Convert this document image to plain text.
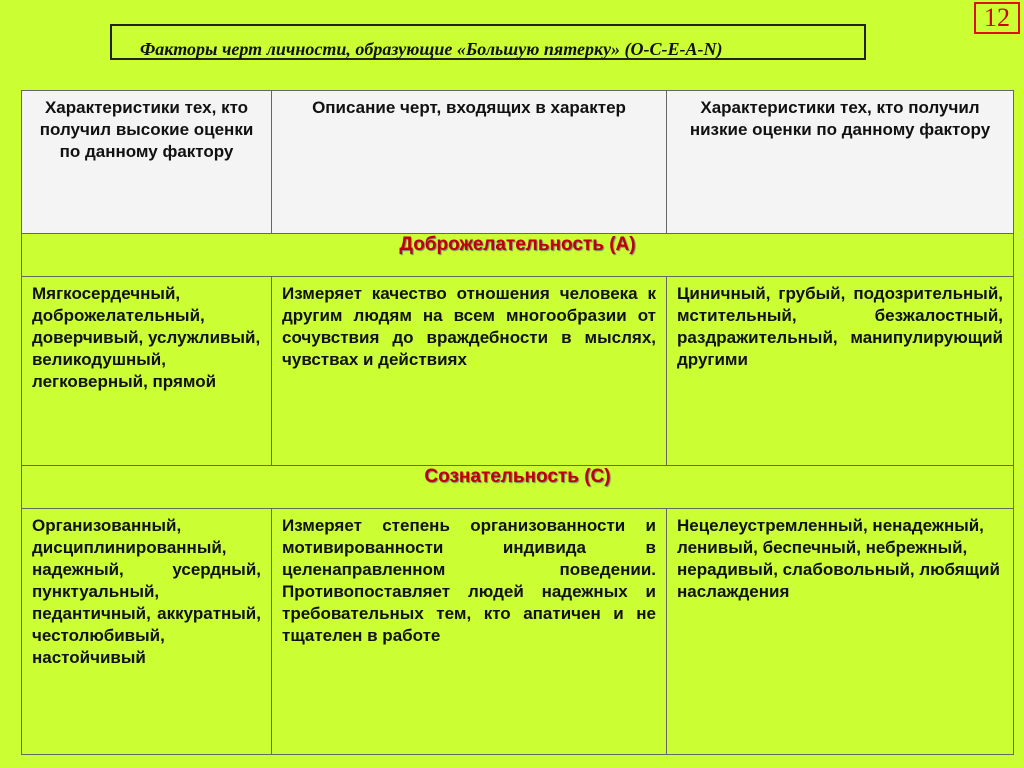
Факторы черт личности, образующие «Большую пятерку» (О-С-Е-А-N)
12
Характеристики тех, кто получил высокие оценки по данному фактору	Описание черт, входящих в характер	Характеристики тех, кто получил низкие оценки по данному фактору
Доброжелательность (А)		
Мягкосердечный, доброжелательный, доверчивый, услужливый, великодушный, легковерный, прямой	Измеряет качество отношения человека к другим людям на всем многообразии от сочувствия до враждебности в мыслях, чувствах и действиях	Циничный, грубый, подозрительный, мстительный, безжалостный, раздражительный, манипулирующий другими
Сознательность (С)		
Организованный, дисциплинированный, надежный, усердный, пунктуальный, педантичный, аккуратный, честолюбивый, настойчивый	Измеряет степень организованности и мотивированности индивида в целенаправленном поведении. Противопоставляет людей надежных и требовательных тем, кто апатичен и не тщателен в работе	Нецелеустремленный, ненадежный, ленивый, беспечный, небрежный, нерадивый, слабовольный, любящий наслаждения
